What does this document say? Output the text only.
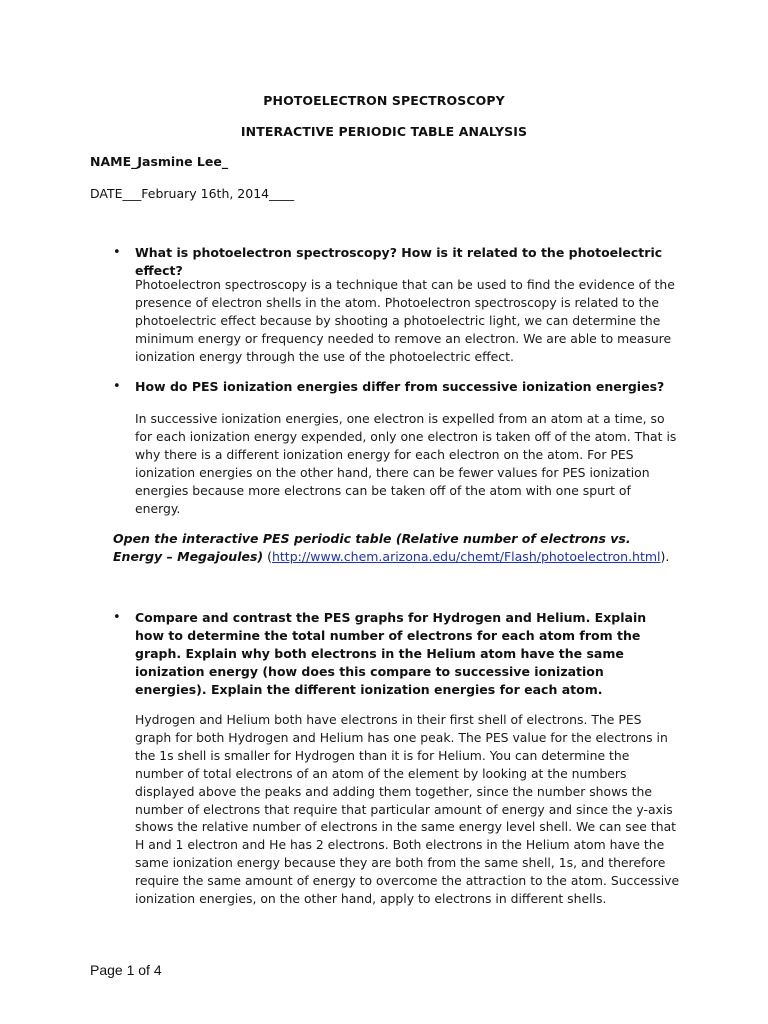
PHOTOELECTRON SPECTROSCOPY
INTERACTIVE PERIODIC TABLE ANALYSIS
NAME_Jasmine Lee_
DATE___February 16th, 2014____
• What is photoelectron spectroscopy? How is it related to the photoelectric effect?
Photoelectron spectroscopy is a technique that can be used to find the evidence of the presence of electron shells in the atom. Photoelectron spectroscopy is related to the photoelectric effect because by shooting a photoelectric light, we can determine the minimum energy or frequency needed to remove an electron. We are able to measure ionization energy through the use of the photoelectric effect.
• How do PES ionization energies differ from successive ionization energies?
In successive ionization energies, one electron is expelled from an atom at a time, so for each ionization energy expended, only one electron is taken off of the atom. That is why there is a different ionization energy for each electron on the atom. For PES ionization energies on the other hand, there can be fewer values for PES ionization energies because more electrons can be taken off of the atom with one spurt of energy.
Open the interactive PES periodic table (Relative number of electrons vs. Energy – Megajoules) (http://www.chem.arizona.edu/chemt/Flash/photoelectron.html).
• Compare and contrast the PES graphs for Hydrogen and Helium. Explain how to determine the total number of electrons for each atom from the graph. Explain why both electrons in the Helium atom have the same ionization energy (how does this compare to successive ionization energies). Explain the different ionization energies for each atom.
Hydrogen and Helium both have electrons in their first shell of electrons. The PES graph for both Hydrogen and Helium has one peak. The PES value for the electrons in the 1s shell is smaller for Hydrogen than it is for Helium. You can determine the number of total electrons of an atom of the element by looking at the numbers displayed above the peaks and adding them together, since the number shows the number of electrons that require that particular amount of energy and since the y-axis shows the relative number of electrons in the same energy level shell. We can see that H and 1 electron and He has 2 electrons. Both electrons in the Helium atom have the same ionization energy because they are both from the same shell, 1s, and therefore require the same amount of energy to overcome the attraction to the atom. Successive ionization energies, on the other hand, apply to electrons in different shells.
Page 1 of 4
